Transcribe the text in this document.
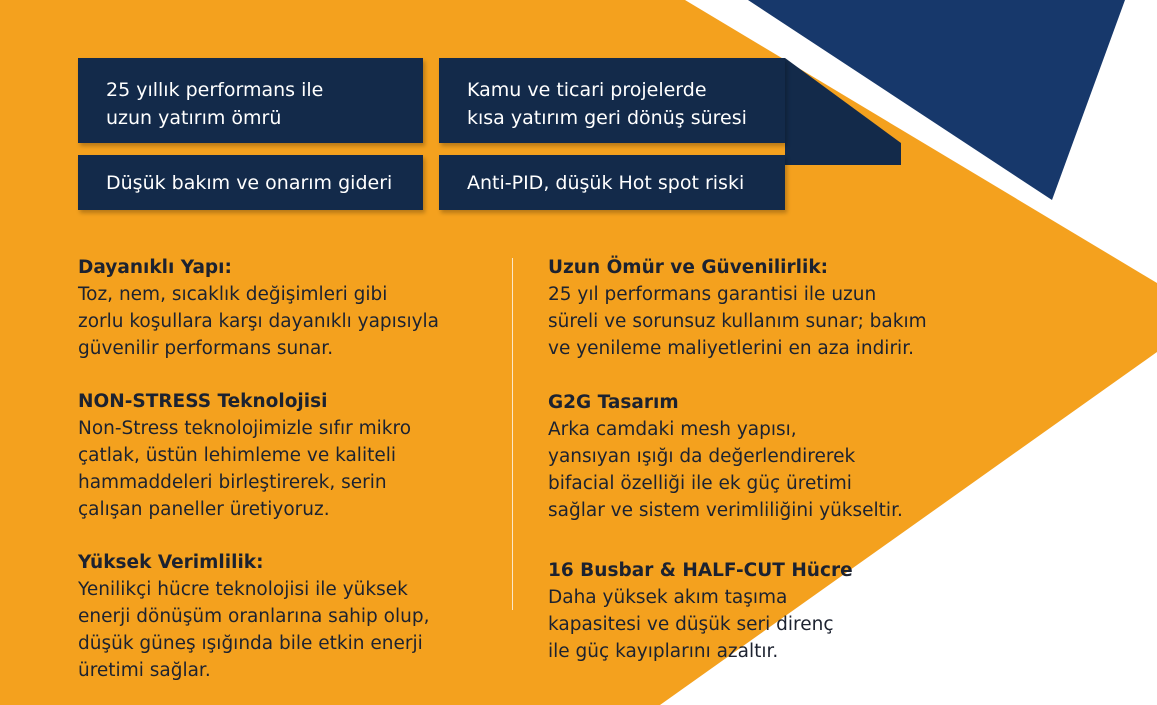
25 yıllık performans ile
uzun yatırım ömrü
Kamu ve ticari projelerde
kısa yatırım geri dönüş süresi
Düşük bakım ve onarım gideri	Anti-PID, düşük Hot spot riski
Dayanıklı Yapı:
Toz, nem, sıcaklık değişimleri gibi
zorlu koşullara karşı dayanıklı yapısıyla
güvenilir performans sunar.
NON-STRESS Teknolojisi
Non-Stress teknolojimizle sıfır mikro
çatlak, üstün lehimleme ve kaliteli
hammaddeleri birleştirerek, serin
çalışan paneller üretiyoruz.
Yüksek Verimlilik:
Yenilikçi hücre teknolojisi ile yüksek
enerji dönüşüm oranlarına sahip olup,
düşük güneş ışığında bile etkin enerji
üretimi sağlar.
Uzun Ömür ve Güvenilirlik:
25 yıl performans garantisi ile uzun
süreli ve sorunsuz kullanım sunar; bakım
ve yenileme maliyetlerini en aza indirir.
G2G Tasarım
Arka camdaki mesh yapısı,
yansıyan ışığı da değerlendirerek
bifacial özelliği ile ek güç üretimi
sağlar ve sistem verimliliğini yükseltir.
16 Busbar & HALF-CUT Hücre
Daha yüksek akım taşıma
kapasitesi ve düşük seri direnç
ile güç kayıplarını azaltır.
